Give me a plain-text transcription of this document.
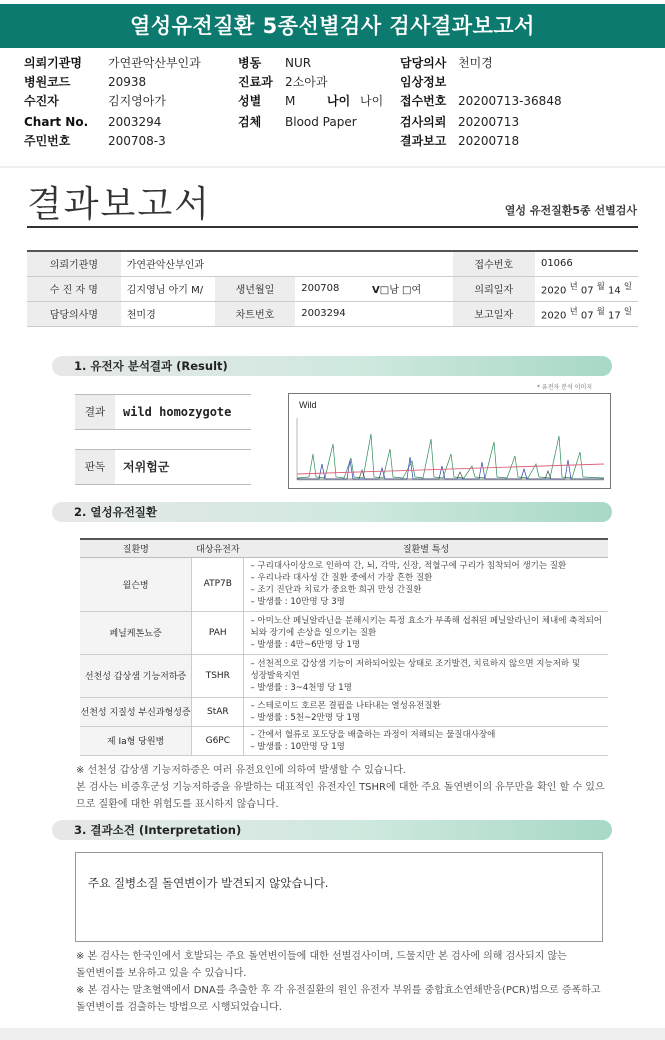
열성유전질환 5종선별검사 검사결과보고서
의뢰기관명 가연관악산부인과
병원코드	20938
수진자	김지영아가
Chart No. 2003294
주민번호	200708-3
병동 NUR
진료과 2소아과
성별 M	나이 나이
검체 Blood Paper
담당의사 천미경
임상정보
접수번호 20200713-36848
검사의뢰 20200713
결과보고 20200718
결과보고서	열성 유전질환5종 선별검사
의뢰기관명	가연관악산부인과				접수번호	01066
수 진 자 명	김지영님 아기 M/	생년월일	200708	V□남 □여	의뢰일자	2020 $^년$ 07 $^월$ 14 $^일$
담당의사명	천미경	차트번호	2003294		보고일자	2020 $^년$ 07 $^월$ 17 $^일$
1. 유전자 분석결과 (Result)
결과	wild homozygote
판독	저위험군
* 유전자 분석 이미지
Wild
2. 열성유전질환
질환명	대상유전자	질환별 특성
윌슨병	ATP7B	– 구리대사이상으로 인하여 간, 뇌, 각막, 신장, 적혈구에 구리가 침착되어 생기는 질환
– 우리나라 대사성 간 질환 중에서 가장 흔한 질환
– 조기 진단과 치료가 중요한 희귀 만성 간질환
– 발생률 : 10만명 당 3명

페닐케톤뇨증	PAH	– 아미노산 페닐알라닌을 분해시키는 특정 효소가 부족해 섭취된 페닐알라닌이 체내에 축적되어
뇌와 장기에 손상을 일으키는 질환
– 발생률 : 4만~6만명 당 1명

선천성 갑상샘 기능저하증	TSHR	– 선천적으로 갑상샘 기능이 저하되어있는 상태로 조기발견, 치료하지 않으면 지능저하 및
성장발육지연
– 발생률 : 3~4천명 당 1명

선천성 지질성 부신과형성증	StAR	– 스테로이드 호르몬 결핍을 나타내는 열성유전질환
– 발생률 : 5천~2만명 당 1명

제 Ia형 당원병	G6PC	– 간에서 혈류로 포도당을 배출하는 과정이 저해되는 물질대사장애
– 발생률 : 10만명 당 1명
※ 선천성 갑상샘 기능저하증은 여러 유전요인에 의하여 발생할 수 있습니다.
본 검사는 비증후군성 기능저하증을 유발하는 대표적인 유전자인 TSHR에 대한 주요 돌연변이의 유무만을 확인 할 수 있으
므로 질환에 대한 위험도를 표시하지 않습니다.
3. 결과소견 (Interpretation)
주요 질병소질 돌연변이가 발견되지 않았습니다.
※ 본 검사는 한국인에서 호발되는 주요 돌연변이들에 대한 선별검사이며, 드물지만 본 검사에 의해 검사되지 않는
돌연변이를 보유하고 있을 수 있습니다.
※ 본 검사는 말초혈액에서 DNA를 추출한 후 각 유전질환의 원인 유전자 부위를 중합효소연쇄반응(PCR)법으로 증폭하고
돌연변이를 검출하는 방법으로 시행되었습니다.
